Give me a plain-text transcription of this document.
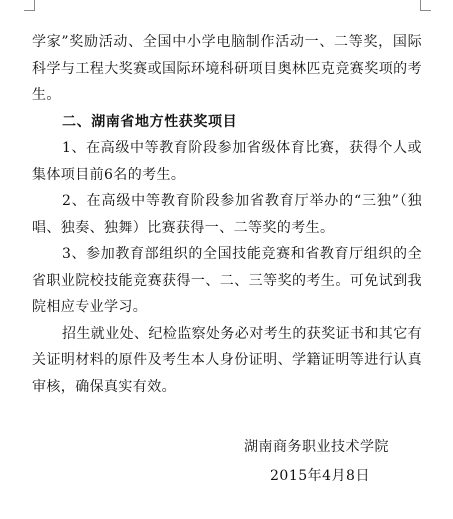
学家”奖励活动、全国中小学电脑制作活动一、二等奖，国际科学与工程大奖赛或国际环境科研项目奥林匹克竞赛奖项的考生。

二、湖南省地方性获奖项目

1、在高级中等教育阶段参加省级体育比赛，获得个人或集体项目前6名的考生。

2、在高级中等教育阶段参加省教育厅举办的“三独”（独唱、独奏、独舞）比赛获得一、二等奖的考生。

3、参加教育部组织的全国技能竞赛和省教育厅组织的全省职业院校技能竞赛获得一、二、三等奖的考生。可免试到我院相应专业学习。

招生就业处、纪检监察处务必对考生的获奖证书和其它有关证明材料的原件及考生本人身份证明、学籍证明等进行认真审核，确保真实有效。

湖南商务职业技术学院
2015年4月8日
